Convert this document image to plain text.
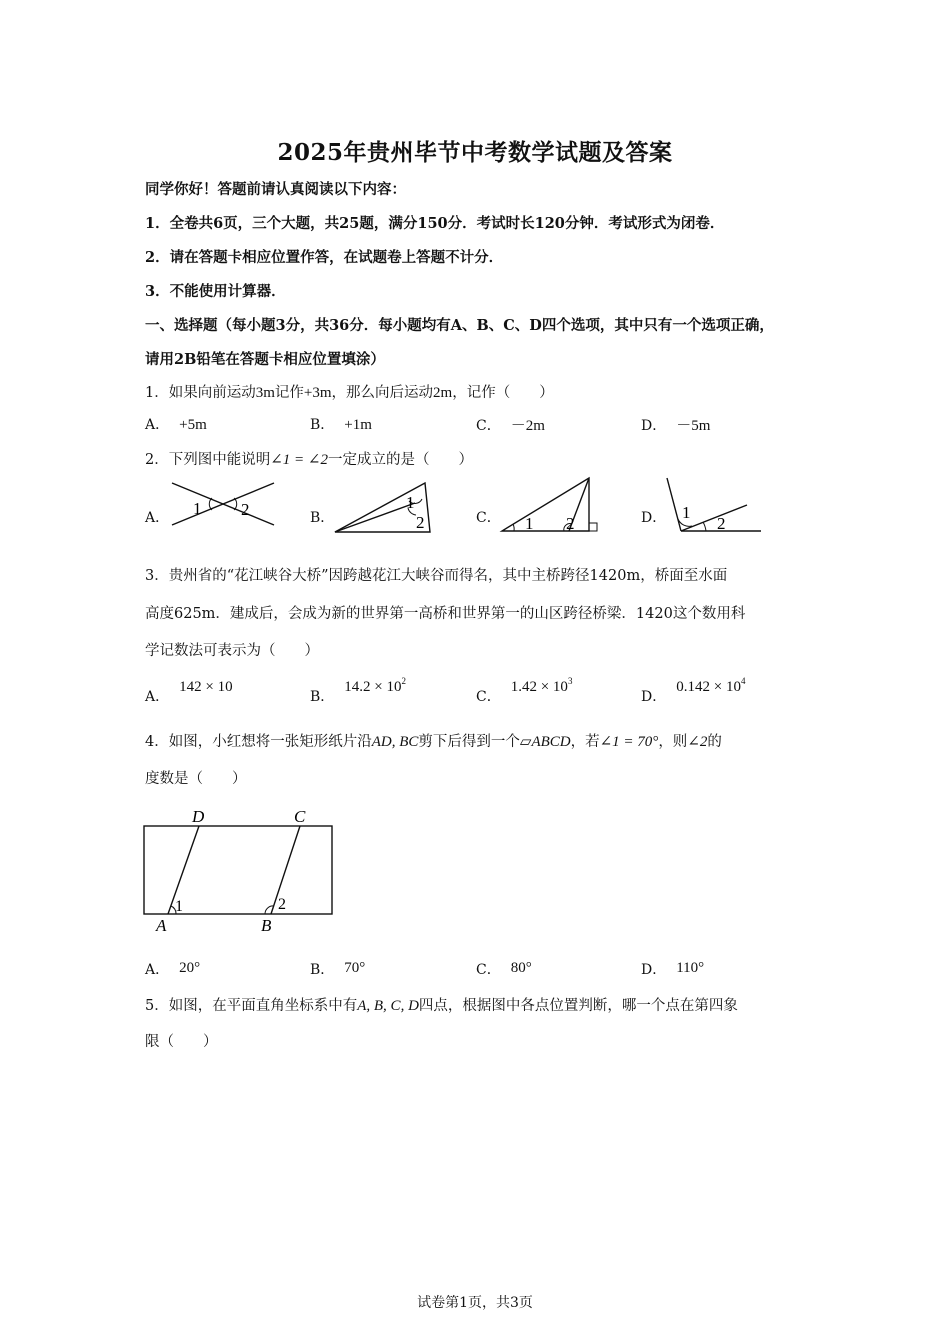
2025年贵州毕节中考数学试题及答案
同学你好！答题前请认真阅读以下内容：
1．全卷共6页，三个大题，共25题，满分150分．考试时长120分钟．考试形式为闭卷．
2．请在答题卡相应位置作答，在试题卷上答题不计分．
3．不能使用计算器．
一、选择题（每小题3分，共36分．每小题均有A、B、C、D四个选项，其中只有一个选项正确，
请用2B铅笔在答题卡相应位置填涂）
1．如果向前运动3m记作+3m，那么向后运动2m，记作（　　）
A． +5m	B． +1m	C． －2m	D． －5m
2．下列图中能说明∠1 = ∠2一定成立的是（　　）
A． 1 2	B．
1
2	C． 1 2	D． 1
2
3．贵州省的“花江峡谷大桥”因跨越花江大峡谷而得名，其中主桥跨径1420m，桥面至水面
高度625m．建成后，会成为新的世界第一高桥和世界第一的山区跨径桥梁．1420这个数用科
学记数法可表示为（　　）
A．142 × 10
B．$14.2 \times 10^2$
C．$1.42 \times 10^3$
D．$0.142 \times 10^4$
4．如图，小红想将一张矩形纸片沿AD, BC剪下后得到一个▱ABCD，若∠1 = 70°，则∠2的
度数是（　　）
D	C
A	B
1	2
A． 20°	B． 70°	C． 80°	D． 110°
5．如图，在平面直角坐标系中有A, B, C, D四点，根据图中各点位置判断，哪一个点在第四象
限（　　）
试卷第1页，共3页
